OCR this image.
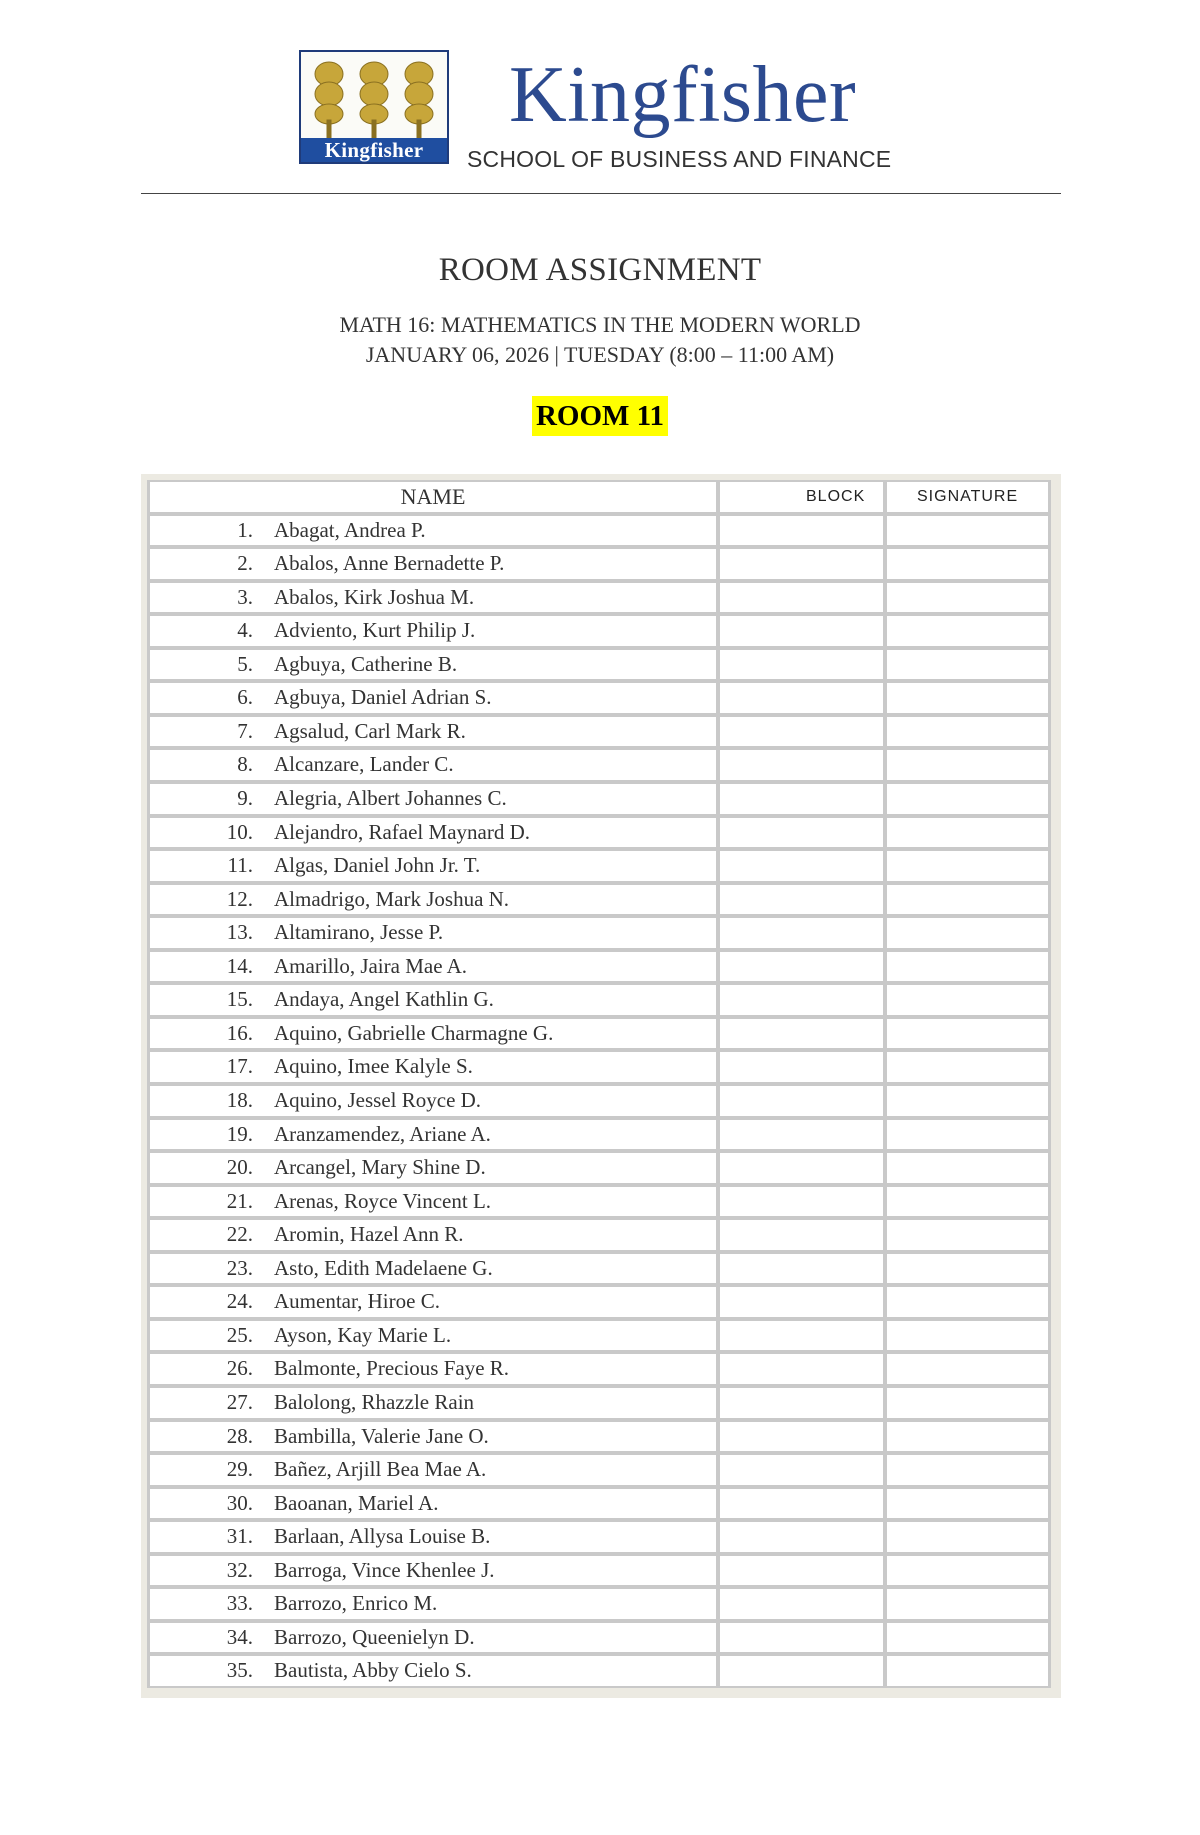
Kingfisher
Kingfisher
SCHOOL OF BUSINESS AND FINANCE
ROOM ASSIGNMENT
MATH 16: MATHEMATICS IN THE MODERN WORLD
JANUARY 06, 2026 | TUESDAY (8:00 – 11:00 AM)
ROOM 11
NAME	BLOCK	SIGNATURE
1. Abagat, Andrea P.
2. Abalos, Anne Bernadette P.
3. Abalos, Kirk Joshua M.
4. Adviento, Kurt Philip J.
5. Agbuya, Catherine B.
6. Agbuya, Daniel Adrian S.
7. Agsalud, Carl Mark R.
8. Alcanzare, Lander C.
9. Alegria, Albert Johannes C.
10. Alejandro, Rafael Maynard D.
11. Algas, Daniel John Jr. T.
12. Almadrigo, Mark Joshua N.
13. Altamirano, Jesse P.
14. Amarillo, Jaira Mae A.
15. Andaya, Angel Kathlin G.
16. Aquino, Gabrielle Charmagne G.
17. Aquino, Imee Kalyle S.
18. Aquino, Jessel Royce D.
19. Aranzamendez, Ariane A.
20. Arcangel, Mary Shine D.
21. Arenas, Royce Vincent L.
22. Aromin, Hazel Ann R.
23. Asto, Edith Madelaene G.
24. Aumentar, Hiroe C.
25. Ayson, Kay Marie L.
26. Balmonte, Precious Faye R.
27. Balolong, Rhazzle Rain
28. Bambilla, Valerie Jane O.
29. Bañez, Arjill Bea Mae A.
30. Baoanan, Mariel A.
31. Barlaan, Allysa Louise B.
32. Barroga, Vince Khenlee J.
33. Barrozo, Enrico M.
34. Barrozo, Queenielyn D.
35. Bautista, Abby Cielo S.
